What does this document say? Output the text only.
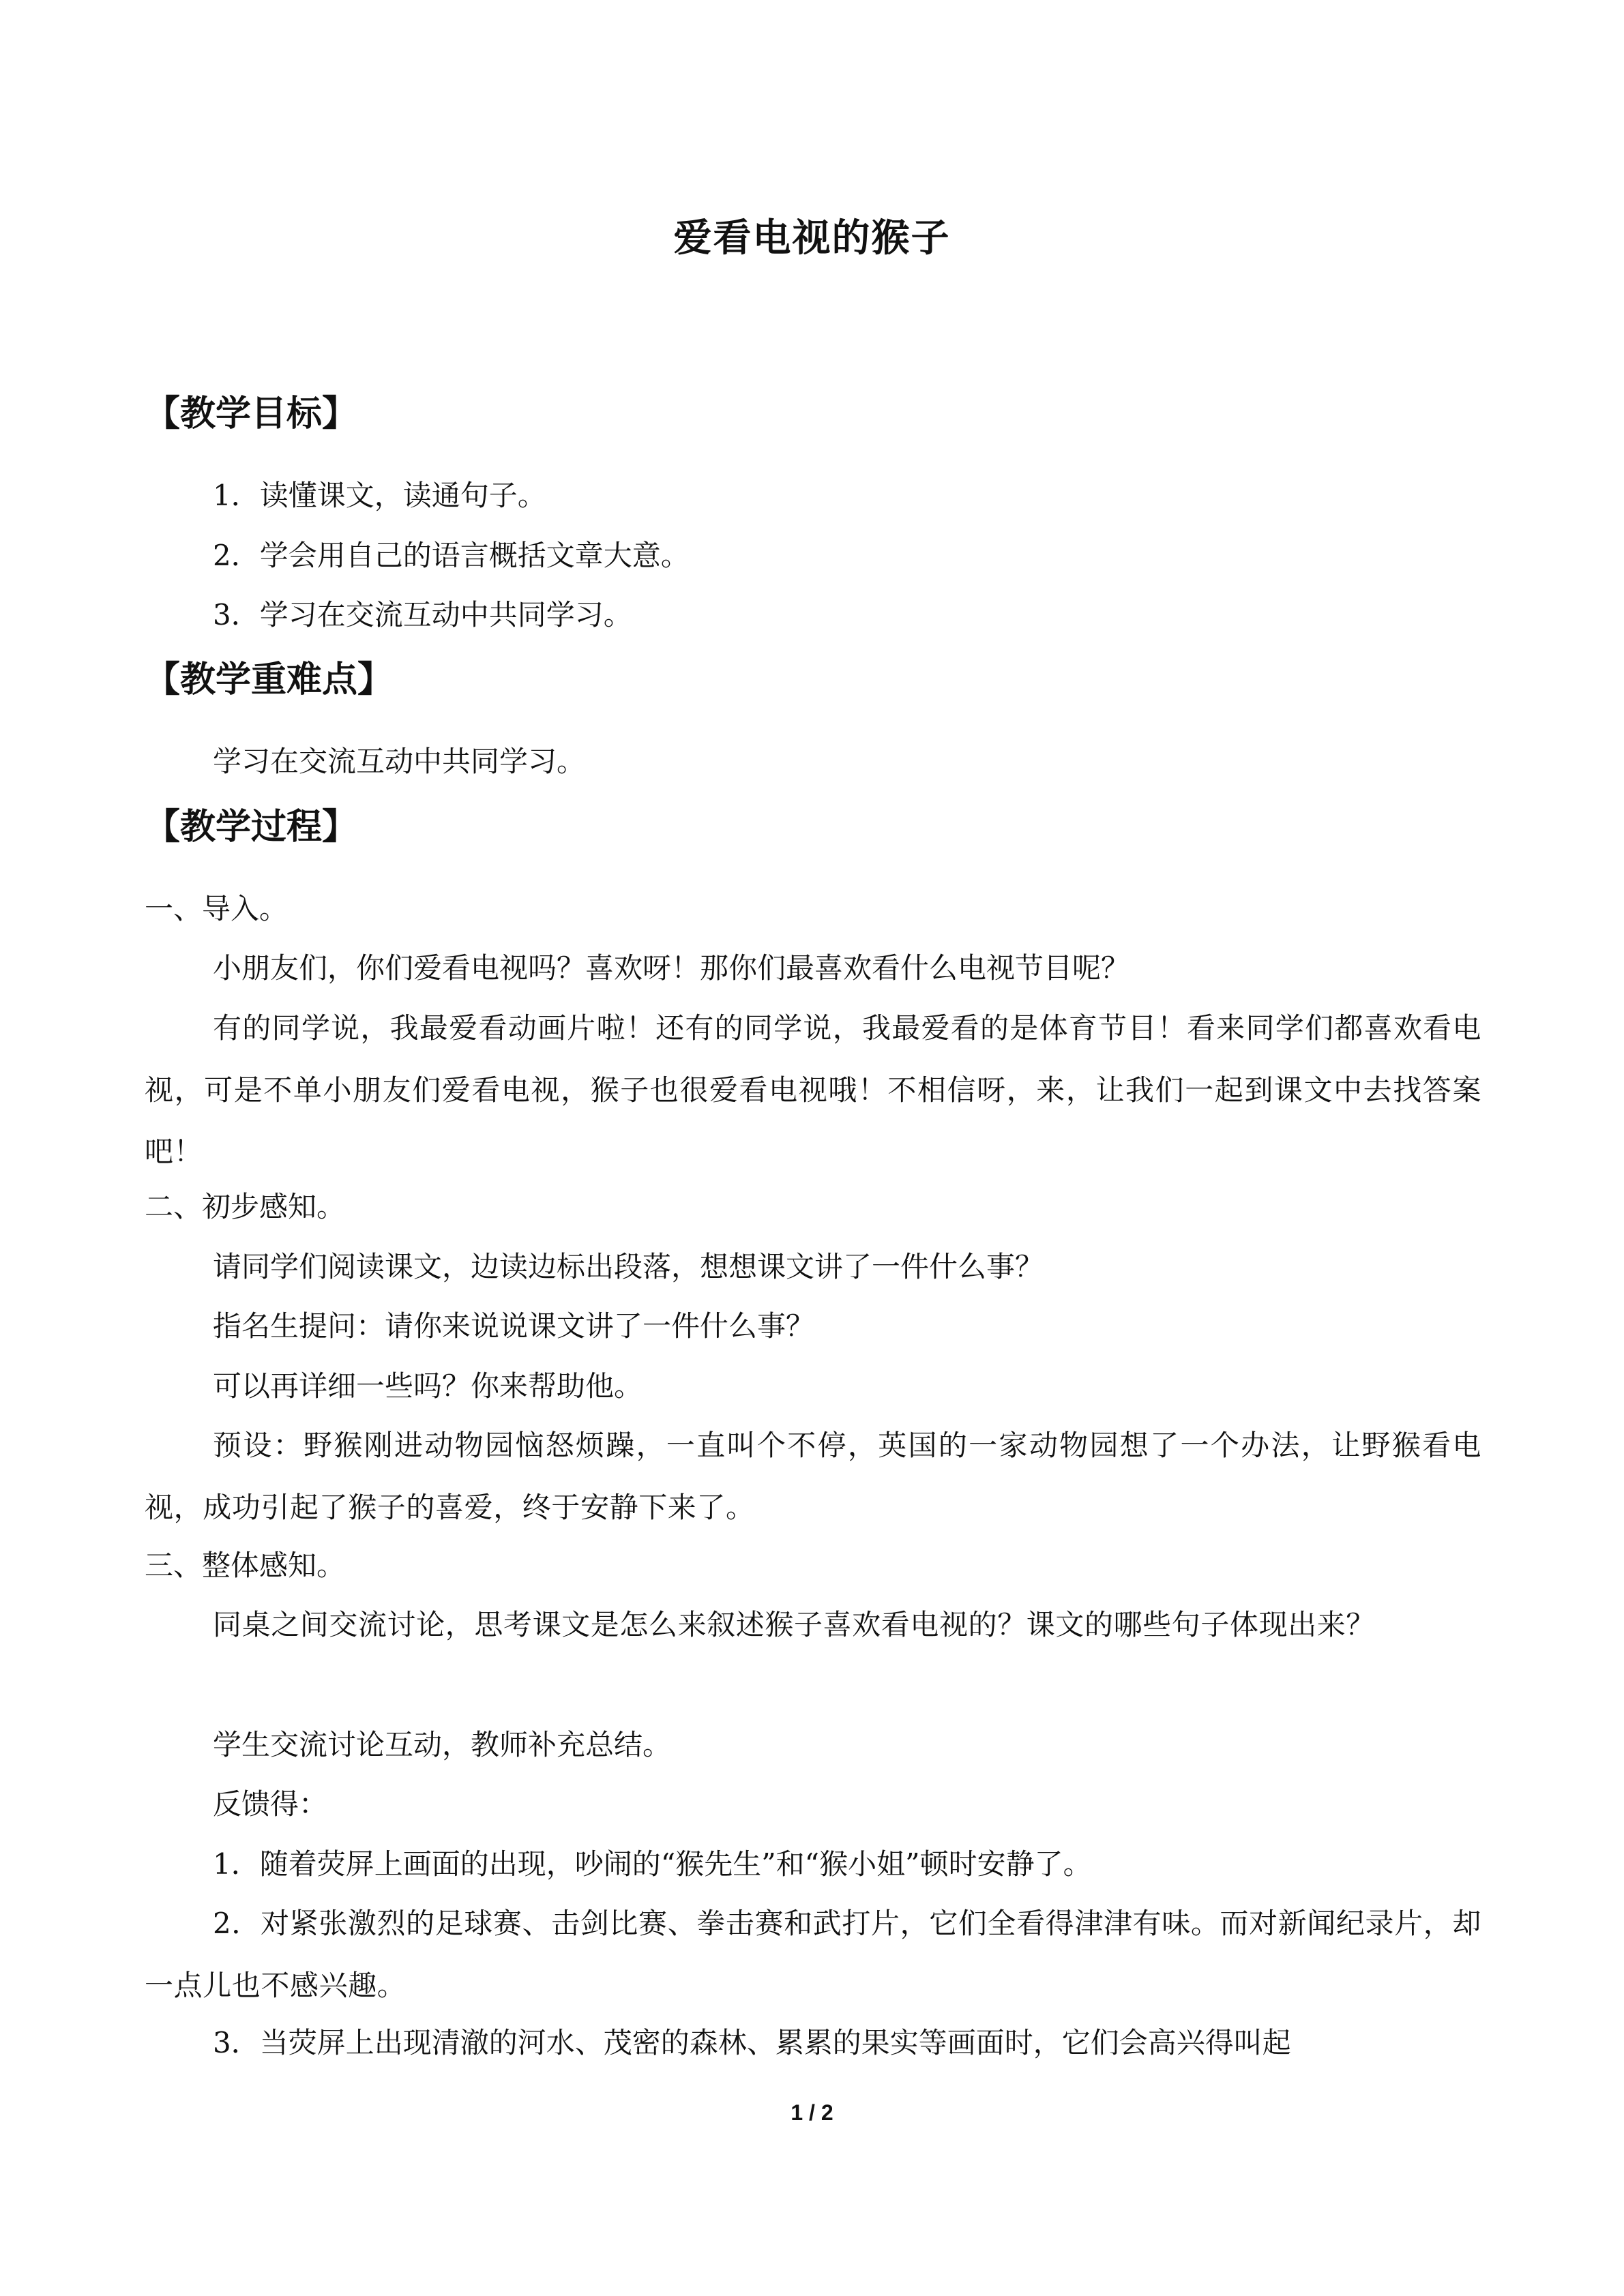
爱看电视的猴子
【教学目标】

1．读懂课文，读通句子。

2．学会用自己的语言概括文章大意。

3．学习在交流互动中共同学习。

【教学重难点】

学习在交流互动中共同学习。

【教学过程】

一、导入。

小朋友们，你们爱看电视吗？喜欢呀！那你们最喜欢看什么电视节目呢？

有的同学说，我最爱看动画片啦！还有的同学说，我最爱看的是体育节目！看来同学们都喜欢看电视，可是不单小朋友们爱看电视，猴子也很爱看电视哦！不相信呀，来，让我们一起到课文中去找答案吧！

二、初步感知。

请同学们阅读课文，边读边标出段落，想想课文讲了一件什么事？

指名生提问：请你来说说课文讲了一件什么事？

可以再详细一些吗？你来帮助他。

预设：野猴刚进动物园恼怒烦躁，一直叫个不停，英国的一家动物园想了一个办法，让野猴看电视，成功引起了猴子的喜爱，终于安静下来了。

三、整体感知。

同桌之间交流讨论，思考课文是怎么来叙述猴子喜欢看电视的？课文的哪些句子体现出来？

学生交流讨论互动，教师补充总结。

反馈得：

1．随着荧屏上画面的出现，吵闹的“猴先生”和“猴小姐”顿时安静了。

2．对紧张激烈的足球赛、击剑比赛、拳击赛和武打片，它们全看得津津有味。而对新闻纪录片，却一点儿也不感兴趣。

3．当荧屏上出现清澈的河水、茂密的森林、累累的果实等画面时，它们会高兴得叫起

1 / 2
